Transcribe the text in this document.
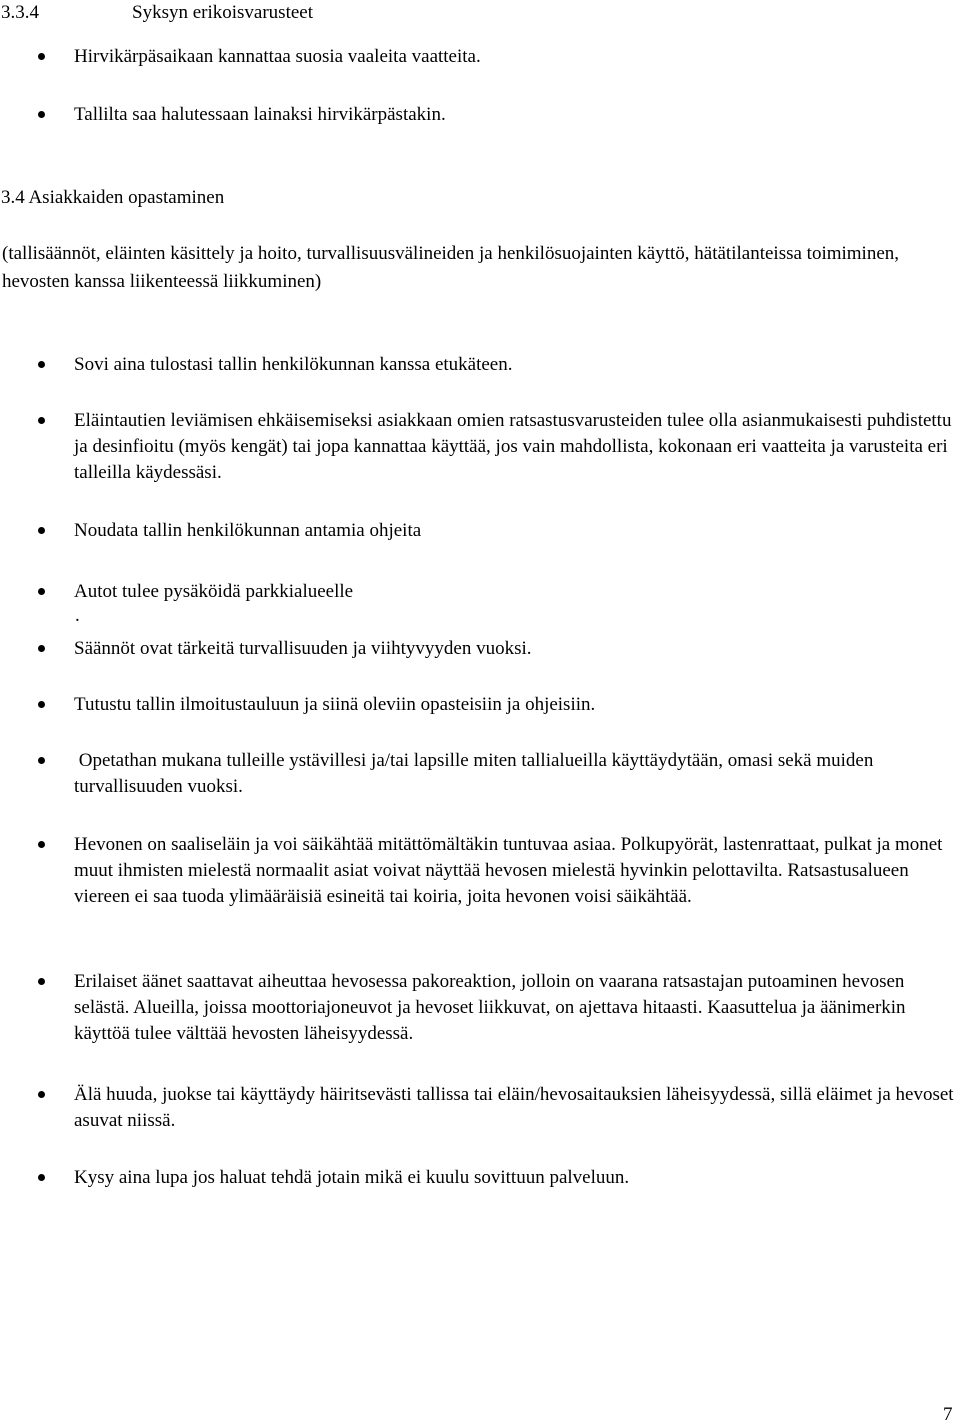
3.3.4	Syksyn erikoisvarusteet
Hirvikärpäsaikaan kannattaa suosia vaaleita vaatteita.
Tallilta saa halutessaan lainaksi hirvikärpästakin.
3.4 Asiakkaiden opastaminen
(tallisäännöt, eläinten käsittely ja hoito, turvallisuusvälineiden ja henkilösuojainten käyttö, hätätilanteissa toimiminen, hevosten kanssa liikenteessä liikkuminen)
Sovi aina tulostasi tallin henkilökunnan kanssa etukäteen.
Eläintautien leviämisen ehkäisemiseksi asiakkaan omien ratsastusvarusteiden tulee olla asianmukaisesti puhdistettu ja desinfioitu (myös kengät) tai jopa kannattaa käyttää, jos vain mahdollista, kokonaan eri vaatteita ja varusteita eri talleilla käydessäsi.
Noudata tallin henkilökunnan antamia ohjeita
Autot tulee pysäköidä parkkialueelle
.
Säännöt ovat tärkeitä turvallisuuden ja viihtyvyyden vuoksi.
Tutustu tallin ilmoitustauluun ja siinä oleviin opasteisiin ja ohjeisiin.
Opetathan mukana tulleille ystävillesi ja/tai lapsille miten tallialueilla käyttäydytään, omasi sekä muiden turvallisuuden vuoksi.
Hevonen on saaliseläin ja voi säikähtää mitättömältäkin tuntuvaa asiaa. Polkupyörät, lastenrattaat, pulkat ja monet muut ihmisten mielestä normaalit asiat voivat näyttää hevosen mielestä hyvinkin pelottavilta. Ratsastusalueen viereen ei saa tuoda ylimääräisiä esineitä tai koiria, joita hevonen voisi säikähtää.
Erilaiset äänet saattavat aiheuttaa hevosessa pakoreaktion, jolloin on vaarana ratsastajan putoaminen hevosen selästä. Alueilla, joissa moottoriajoneuvot ja hevoset liikkuvat, on ajettava hitaasti. Kaasuttelua ja äänimerkin käyttöä tulee välttää hevosten läheisyydessä.
Älä huuda, juokse tai käyttäydy häiritsevästi tallissa tai eläin/hevosaitauksien läheisyydessä, sillä eläimet ja hevoset asuvat niissä.
Kysy aina lupa jos haluat tehdä jotain mikä ei kuulu sovittuun palveluun.
7
